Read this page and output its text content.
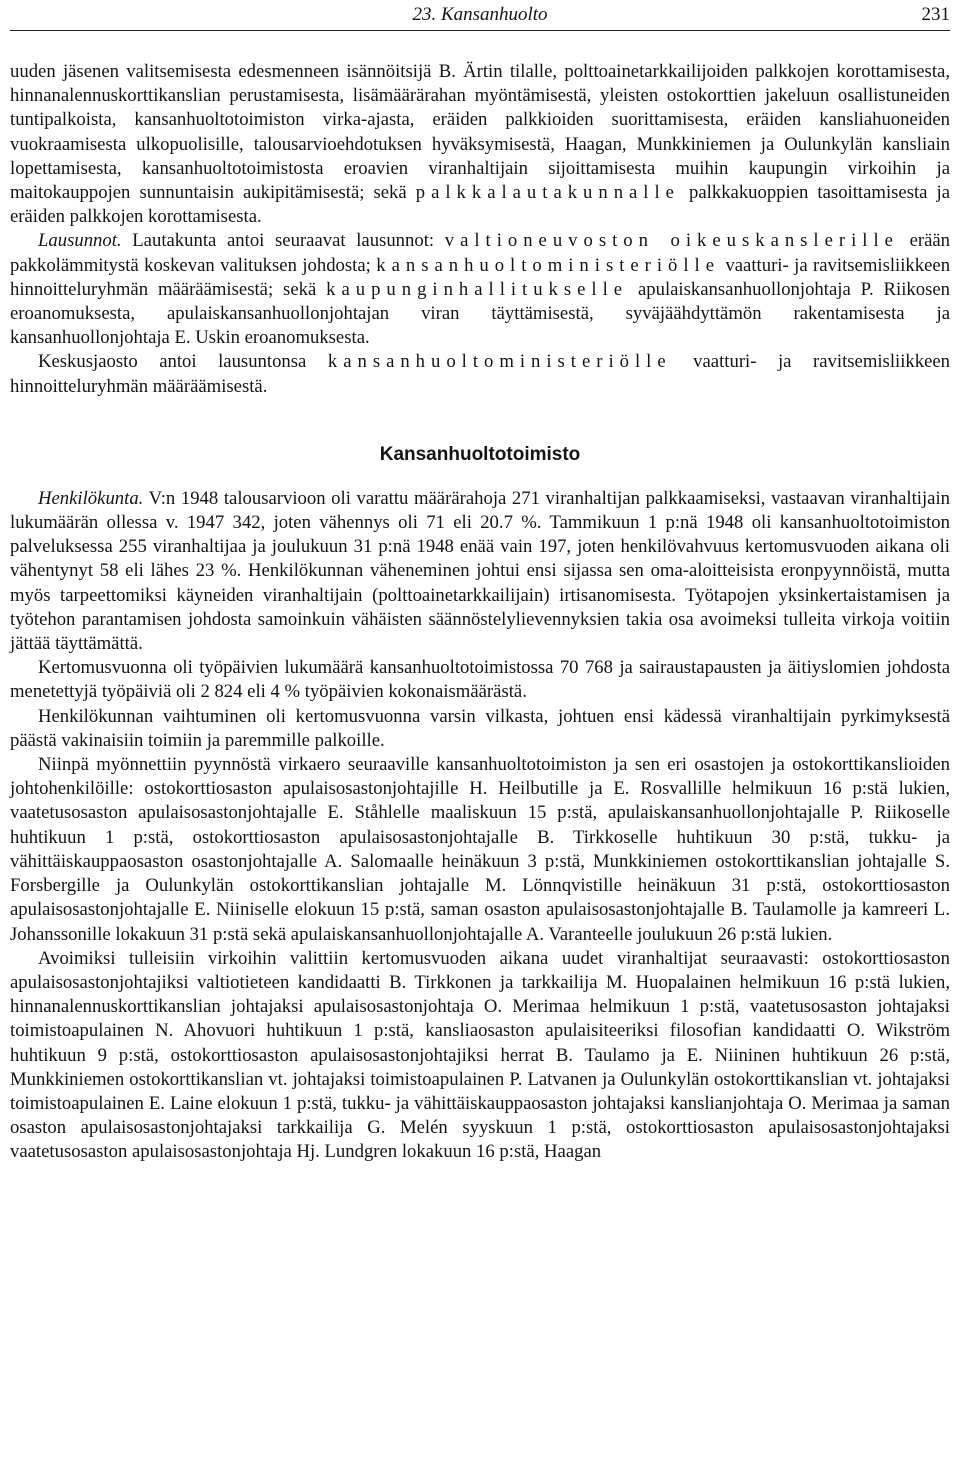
23. Kansanhuolto	231

uuden jäsenen valitsemisesta edesmenneen isännöitsijä B. Ärtin tilalle, polttoainetarkkailijoiden palkkojen korottamisesta, hinnanalennuskorttikanslian perustamisesta, lisämäärärahan myöntämisestä, yleisten ostokorttien jakeluun osallistuneiden tuntipalkoista, kansanhuoltotoimiston virka-ajasta, eräiden palkkioiden suorittamisesta, eräiden kansliahuoneiden vuokraamisesta ulkopuolisille, talousarvioehdotuksen hyväksymisestä, Haagan, Munkkiniemen ja Oulunkylän kansliain lopettamisesta, kansanhuoltotoimistosta eroavien viranhaltijain sijoittamisesta muihin kaupungin virkoihin ja maitokauppojen sunnuntaisin aukipitämisestä; sekä palkkalautakunnalle palkkakuoppien tasoittamisesta ja eräiden palkkojen korottamisesta.

Lausunnot. Lautakunta antoi seuraavat lausunnot: valtioneuvoston oikeuskanslerille erään pakkolämmitystä koskevan valituksen johdosta; kansanhuoltoministeriölle vaatturi- ja ravitsemisliikkeen hinnoitteluryhmän määräämisestä; sekä kaupunginhallitukselle apulaiskansanhuollonjohtaja P. Riikosen eroanomuksesta, apulaiskansanhuollonjohtajan viran täyttämisestä, syväjäähdyttämön rakentamisesta ja kansanhuollonjohtaja E. Uskin eroanomuksesta.

Keskusjaosto antoi lausuntonsa kansanhuoltoministeriölle vaatturi- ja ravitsemisliikkeen hinnoitteluryhmän määräämisestä.

Kansanhuoltotoimisto

Henkilökunta. V:n 1948 talousarvioon oli varattu määrärahoja 271 viranhaltijan palkkaamiseksi, vastaavan viranhaltijain lukumäärän ollessa v. 1947 342, joten vähennys oli 71 eli 20.7 %. Tammikuun 1 p:nä 1948 oli kansanhuoltotoimiston palveluksessa 255 viranhaltijaa ja joulukuun 31 p:nä 1948 enää vain 197, joten henkilövahvuus kertomusvuoden aikana oli vähentynyt 58 eli lähes 23 %. Henkilökunnan väheneminen johtui ensi sijassa sen oma-aloitteisista eronpyynnöistä, mutta myös tarpeettomiksi käyneiden viranhaltijain (polttoainetarkkailijain) irtisanomisesta. Työtapojen yksinkertaistamisen ja työtehon parantamisen johdosta samoinkuin vähäisten säännöstelylievennyksien takia osa avoimeksi tulleita virkoja voitiin jättää täyttämättä.

Kertomusvuonna oli työpäivien lukumäärä kansanhuoltotoimistossa 70 768 ja sairaustapausten ja äitiyslomien johdosta menetettyjä työpäiviä oli 2 824 eli 4 % työpäivien kokonaismäärästä.

Henkilökunnan vaihtuminen oli kertomusvuonna varsin vilkasta, johtuen ensi kädessä viranhaltijain pyrkimyksestä päästä vakinaisiin toimiin ja paremmille palkoille.

Niinpä myönnettiin pyynnöstä virkaero seuraaville kansanhuoltotoimiston ja sen eri osastojen ja ostokorttikanslioiden johtohenkilöille: ostokorttiosaston apulaisosastonjohtajille H. Heilbutille ja E. Rosvallille helmikuun 16 p:stä lukien, vaatetusosaston apulaisosastonjohtajalle E. Ståhlelle maaliskuun 15 p:stä, apulaiskansanhuollonjohtajalle P. Riikoselle huhtikuun 1 p:stä, ostokorttiosaston apulaisosastonjohtajalle B. Tirkkoselle huhtikuun 30 p:stä, tukku- ja vähittäiskauppaosaston osastonjohtajalle A. Salomaalle heinäkuun 3 p:stä, Munkkiniemen ostokorttikanslian johtajalle S. Forsbergille ja Oulunkylän ostokorttikanslian johtajalle M. Lönnqvistille heinäkuun 31 p:stä, ostokorttiosaston apulaisosastonjohtajalle E. Niiniselle elokuun 15 p:stä, saman osaston apulaisosastonjohtajalle B. Taulamolle ja kamreeri L. Johanssonille lokakuun 31 p:stä sekä apulaiskansanhuollonjohtajalle A. Varanteelle joulukuun 26 p:stä lukien.

Avoimiksi tulleisiin virkoihin valittiin kertomusvuoden aikana uudet viranhaltijat seuraavasti: ostokorttiosaston apulaisosastonjohtajiksi valtiotieteen kandidaatti B. Tirkkonen ja tarkkailija M. Huopalainen helmikuun 16 p:stä lukien, hinnanalennuskorttikanslian johtajaksi apulaisosastonjohtaja O. Merimaa helmikuun 1 p:stä, vaatetusosaston johtajaksi toimistoapulainen N. Ahovuori huhtikuun 1 p:stä, kansliaosaston apulaisiteeriksi filosofian kandidaatti O. Wikström huhtikuun 9 p:stä, ostokorttiosaston apulaisosastonjohtajiksi herrat B. Taulamo ja E. Niininen huhtikuun 26 p:stä, Munkkiniemen ostokorttikanslian vt. johtajaksi toimistoapulainen P. Latvanen ja Oulunkylän ostokorttikanslian vt. johtajaksi toimistoapulainen E. Laine elokuun 1 p:stä, tukku- ja vähittäiskauppaosaston johtajaksi kanslianjohtaja O. Merimaa ja saman osaston apulaisosastonjohtajaksi tarkkailija G. Melén syyskuun 1 p:stä, ostokorttiosaston apulaisosastonjohtajaksi vaatetusosaston apulaisosastonjohtaja Hj. Lundgren lokakuun 16 p:stä, Haagan
